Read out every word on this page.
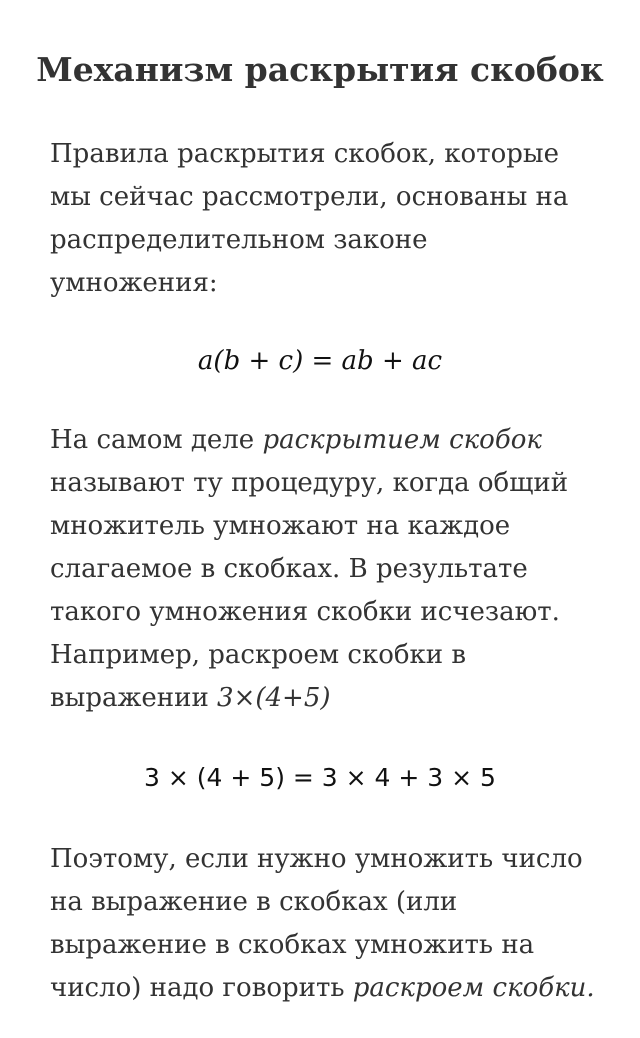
Механизм раскрытия скобок

Правила раскрытия скобок, которые мы сейчас рассмотрели, основаны на распределительном законе умножения:

a(b + c) = ab + ac

На самом деле раскрытием скобок называют ту процедуру, когда общий множитель умножают на каждое слагаемое в скобках. В результате такого умножения скобки исчезают. Например, раскроем скобки в выражении 3×(4+5)

3 × (4 + 5) = 3 × 4 + 3 × 5

Поэтому, если нужно умножить число на выражение в скобках (или выражение в скобках умножить на число) надо говорить раскроем скобки.
